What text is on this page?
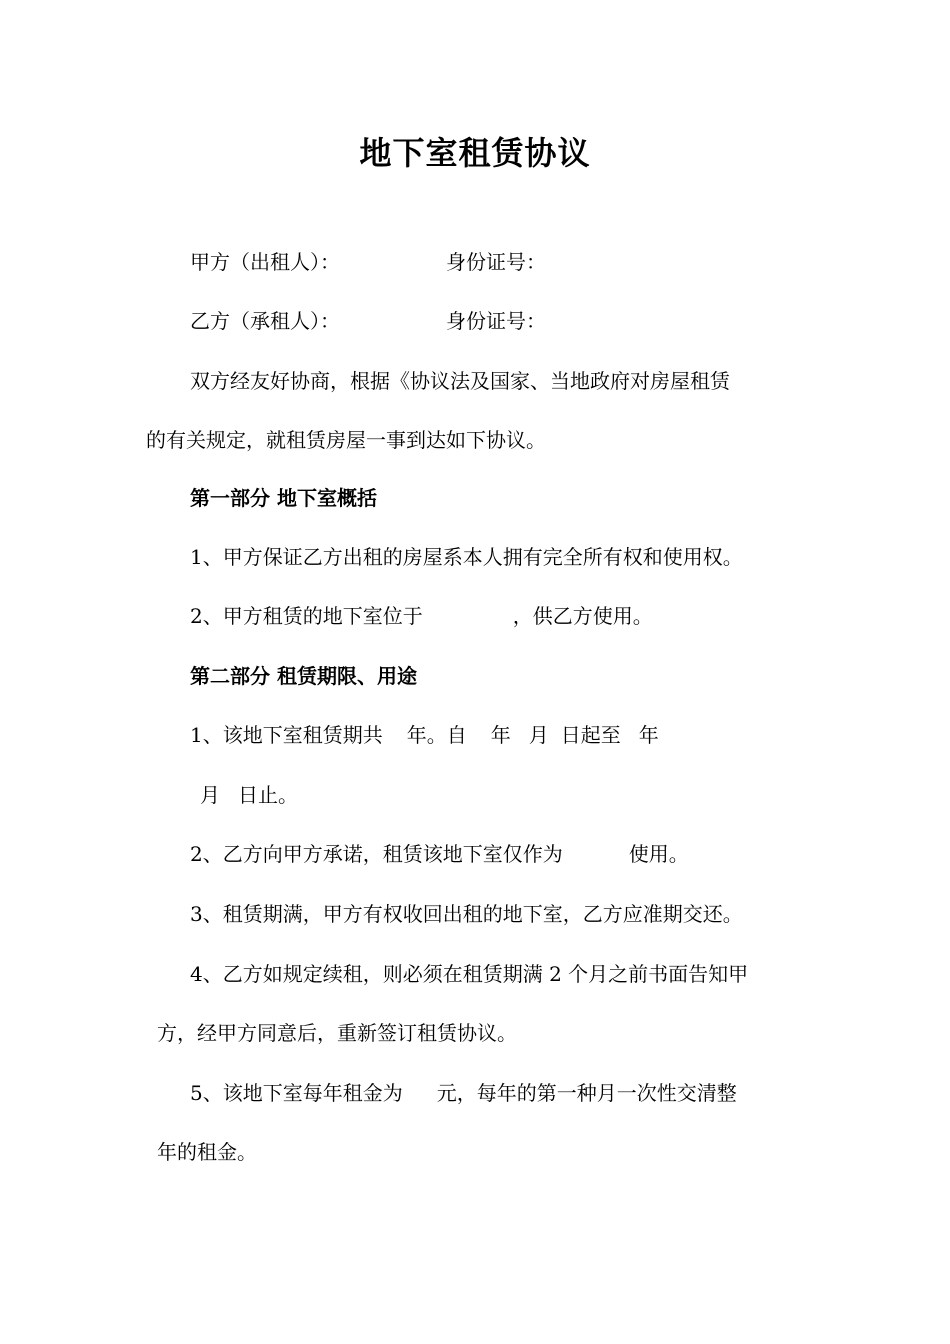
地下室租赁协议
甲方（出租人）：	身份证号：
乙方（承租人）：	身份证号：
双方经友好协商，根据《协议法及国家、当地政府对房屋租赁
的有关规定，就租赁房屋一事到达如下协议。
第一部分 地下室概括
1、甲方保证乙方出租的房屋系本人拥有完全所有权和使用权。
2、甲方租赁的地下室位于	，供乙方使用。
第二部分 租赁期限、用途
1、该地下室租赁期共 年。自 年 月 日起至 年
月 日止。
2、乙方向甲方承诺，租赁该地下室仅作为	使用。
3、租赁期满，甲方有权收回出租的地下室，乙方应准期交还。
4、乙方如规定续租，则必须在租赁期满 2 个月之前书面告知甲
方，经甲方同意后，重新签订租赁协议。
5、该地下室每年租金为 元，每年的第一种月一次性交清整
年的租金。
